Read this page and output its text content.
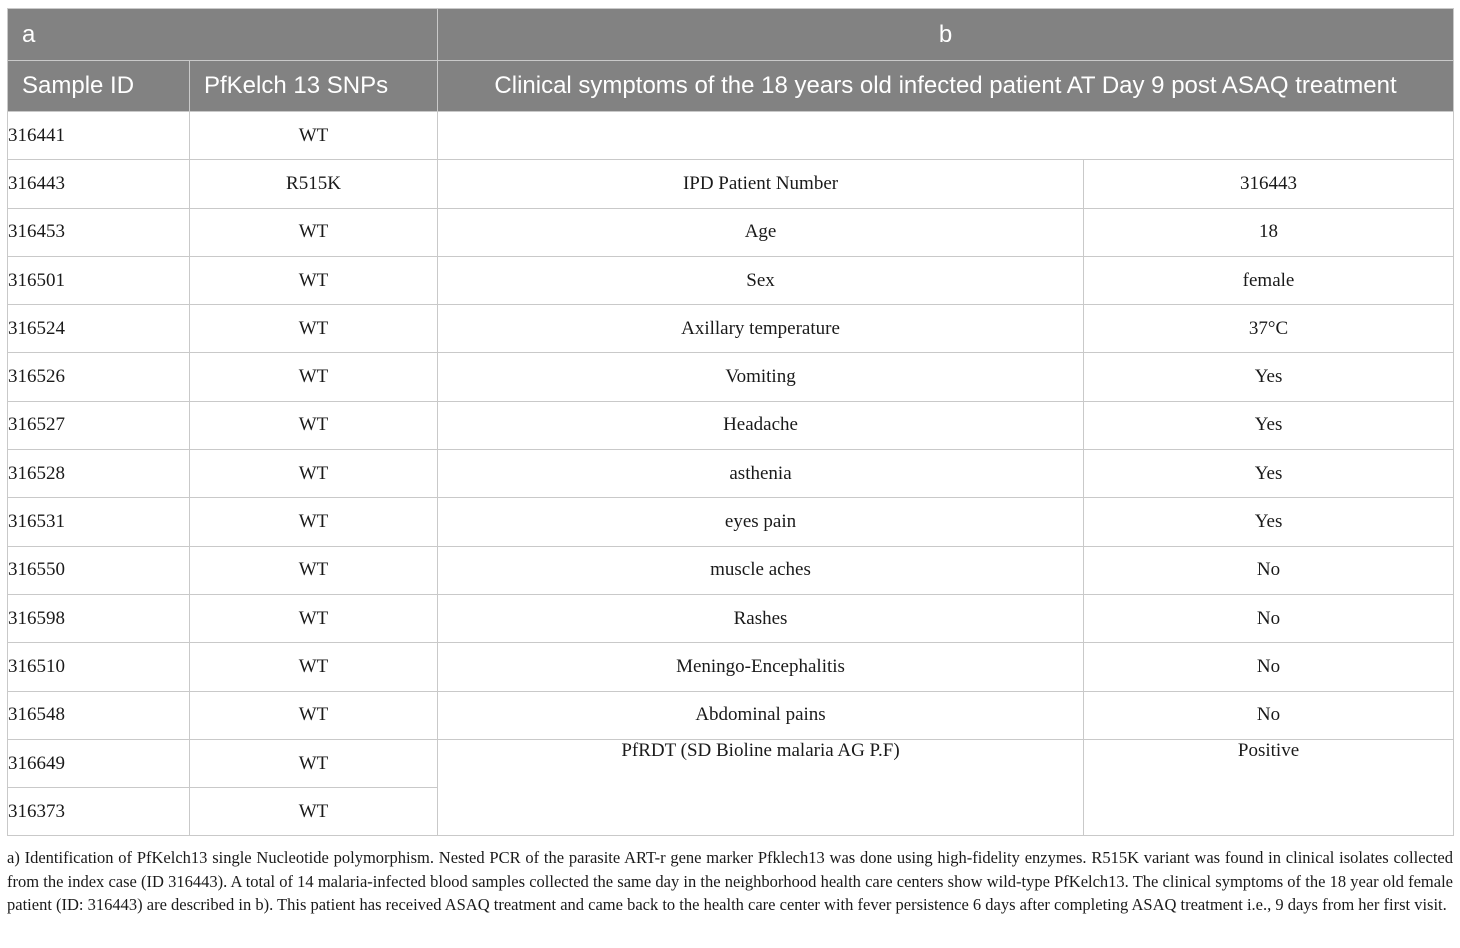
a		b	
Sample ID	PfKelch 13 SNPs	Clinical symptoms of the 18 years old infected patient AT Day 9 post ASAQ treatment	
316441	WT		
316443	R515K	IPD Patient Number	316443
316453	WT	Age	18
316501	WT	Sex	female
316524	WT	Axillary temperature	37°C
316526	WT	Vomiting	Yes
316527	WT	Headache	Yes
316528	WT	asthenia	Yes
316531	WT	eyes pain	Yes
316550	WT	muscle aches	No
316598	WT	Rashes	No
316510	WT	Meningo-Encephalitis	No
316548	WT	Abdominal pains	No
316649	WT	PfRDT (SD Bioline malaria AG P.F)	Positive
316373	WT		

a) Identification of PfKelch13 single Nucleotide polymorphism. Nested PCR of the parasite ART-r gene marker Pfklech13 was done using high-fidelity enzymes. R515K variant was found in clinical isolates collected from the index case (ID 316443). A total of 14 malaria-infected blood samples collected the same day in the neighborhood health care centers show wild-type PfKelch13. The clinical symptoms of the 18 year old female patient (ID: 316443) are described in b). This patient has received ASAQ treatment and came back to the health care center with fever persistence 6 days after completing ASAQ treatment i.e., 9 days from her first visit.
